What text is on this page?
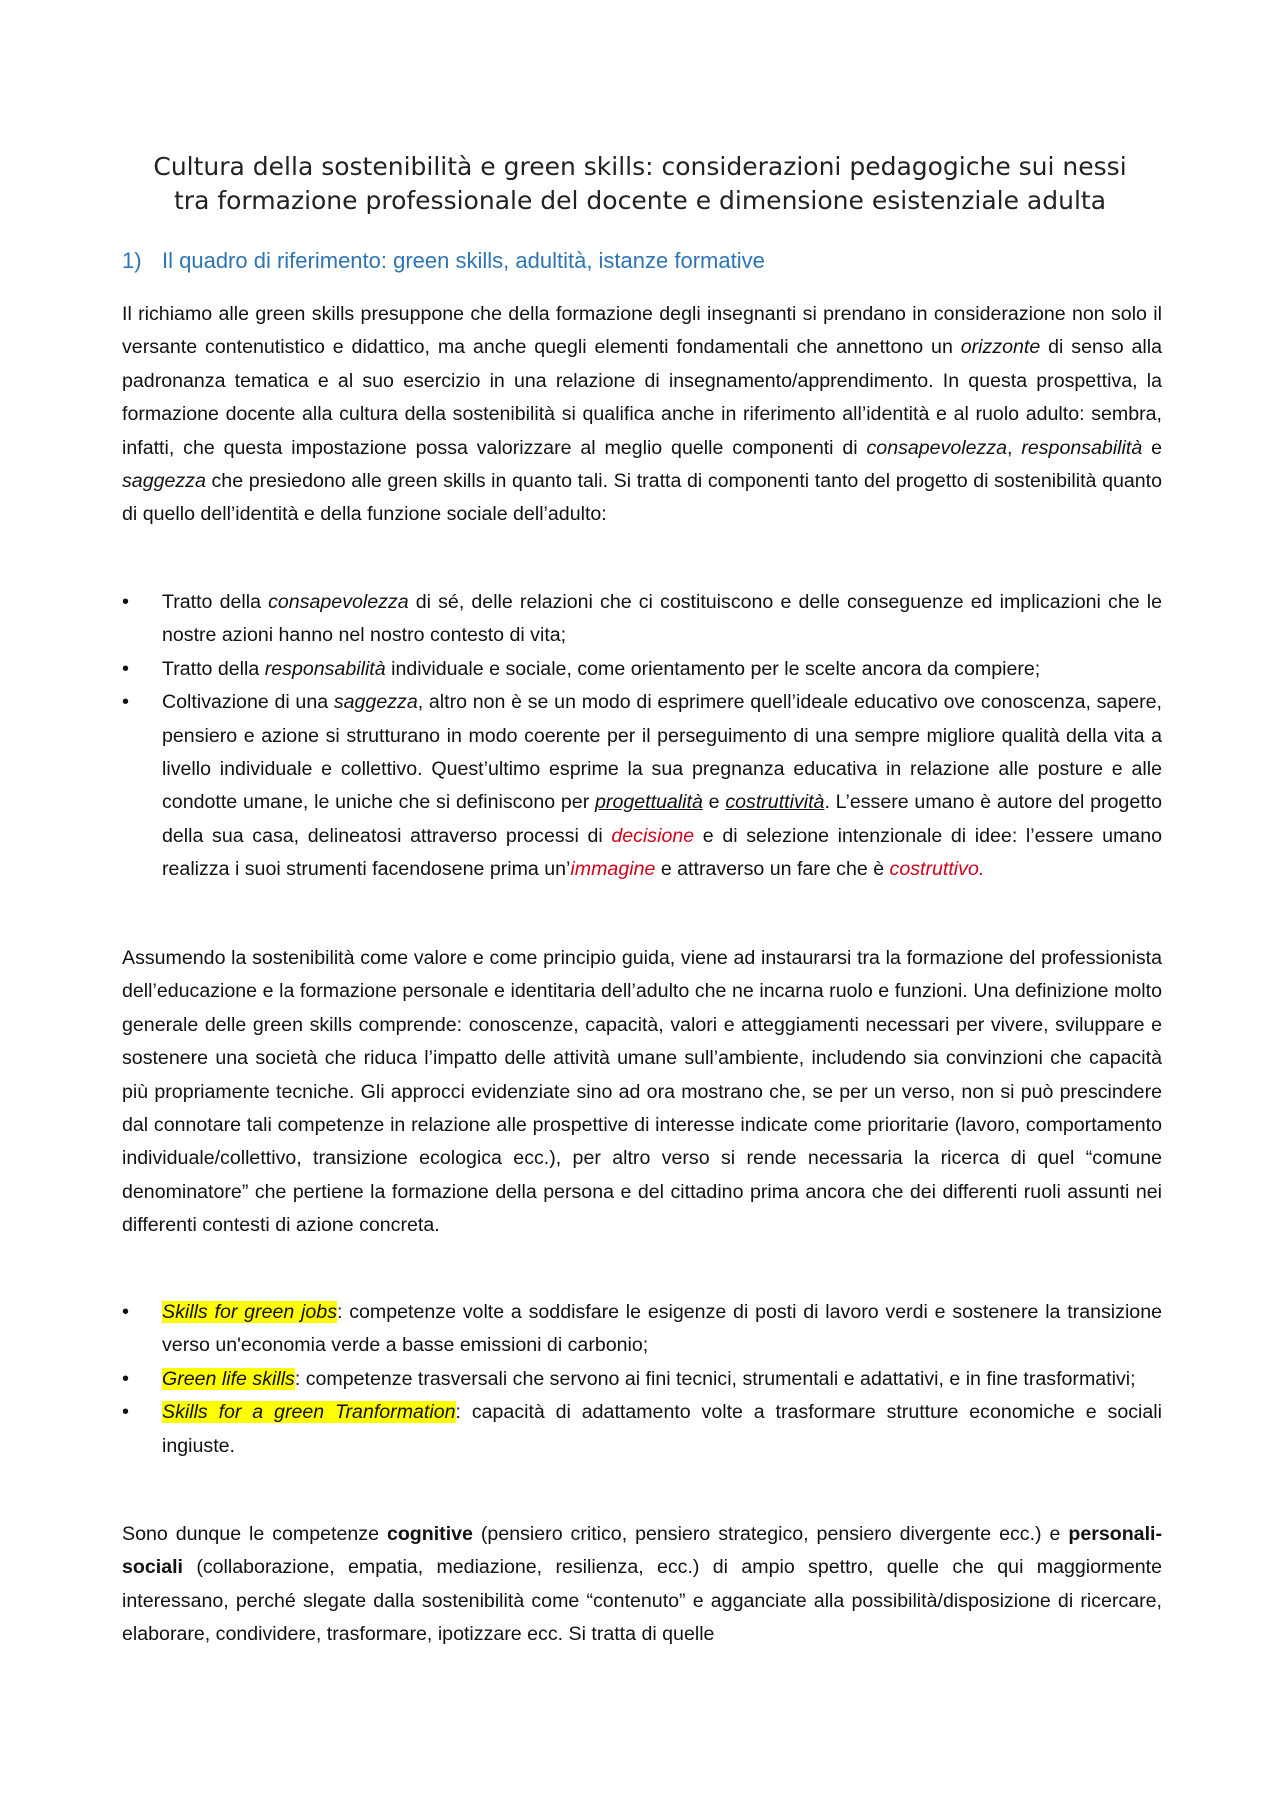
Cultura della sostenibilità e green skills: considerazioni pedagogiche sui nessi
tra formazione professionale del docente e dimensione esistenziale adulta
1) Il quadro di riferimento: green skills, adultità, istanze formative
Il richiamo alle green skills presuppone che della formazione degli insegnanti si prendano in considerazione non solo il versante contenutistico e didattico, ma anche quegli elementi fondamentali che annettono un orizzonte di senso alla padronanza tematica e al suo esercizio in una relazione di insegnamento/apprendimento. In questa prospettiva, la formazione docente alla cultura della sostenibilità si qualifica anche in riferimento all’identità e al ruolo adulto: sembra, infatti, che questa impostazione possa valorizzare al meglio quelle componenti di consapevolezza, responsabilità e saggezza che presiedono alle green skills in quanto tali. Si tratta di componenti tanto del progetto di sostenibilità quanto di quello dell’identità e della funzione sociale dell’adulto:
• Tratto della consapevolezza di sé, delle relazioni che ci costituiscono e delle conseguenze ed implicazioni che le nostre azioni hanno nel nostro contesto di vita;
• Tratto della responsabilità individuale e sociale, come orientamento per le scelte ancora da compiere;
• Coltivazione di una saggezza, altro non è se un modo di esprimere quell’ideale educativo ove conoscenza, sapere, pensiero e azione si strutturano in modo coerente per il perseguimento di una sempre migliore qualità della vita a livello individuale e collettivo. Quest’ultimo esprime la sua pregnanza educativa in relazione alle posture e alle condotte umane, le uniche che si definiscono per progettualità e costruttività. L’essere umano è autore del progetto della sua casa, delineatosi attraverso processi di decisione e di selezione intenzionale di idee: l’essere umano realizza i suoi strumenti facendosene prima un’immagine e attraverso un fare che è costruttivo.
Assumendo la sostenibilità come valore e come principio guida, viene ad instaurarsi tra la formazione del professionista dell’educazione e la formazione personale e identitaria dell’adulto che ne incarna ruolo e funzioni. Una definizione molto generale delle green skills comprende: conoscenze, capacità, valori e atteggiamenti necessari per vivere, sviluppare e sostenere una società che riduca l’impatto delle attività umane sull’ambiente, includendo sia convinzioni che capacità più propriamente tecniche. Gli approcci evidenziate sino ad ora mostrano che, se per un verso, non si può prescindere dal connotare tali competenze in relazione alle prospettive di interesse indicate come prioritarie (lavoro, comportamento individuale/collettivo, transizione ecologica ecc.), per altro verso si rende necessaria la ricerca di quel “comune denominatore” che pertiene la formazione della persona e del cittadino prima ancora che dei differenti ruoli assunti nei differenti contesti di azione concreta.
• Skills for green jobs: competenze volte a soddisfare le esigenze di posti di lavoro verdi e sostenere la transizione verso un'economia verde a basse emissioni di carbonio;
• Green life skills: competenze trasversali che servono ai fini tecnici, strumentali e adattativi, e in fine trasformativi;
• Skills for a green Tranformation: capacità di adattamento volte a trasformare strutture economiche e sociali ingiuste.
Sono dunque le competenze cognitive (pensiero critico, pensiero strategico, pensiero divergente ecc.) e personali-sociali (collaborazione, empatia, mediazione, resilienza, ecc.) di ampio spettro, quelle che qui maggiormente interessano, perché slegate dalla sostenibilità come “contenuto” e agganciate alla possibilità/disposizione di ricercare, elaborare, condividere, trasformare, ipotizzare ecc. Si tratta di quelle
